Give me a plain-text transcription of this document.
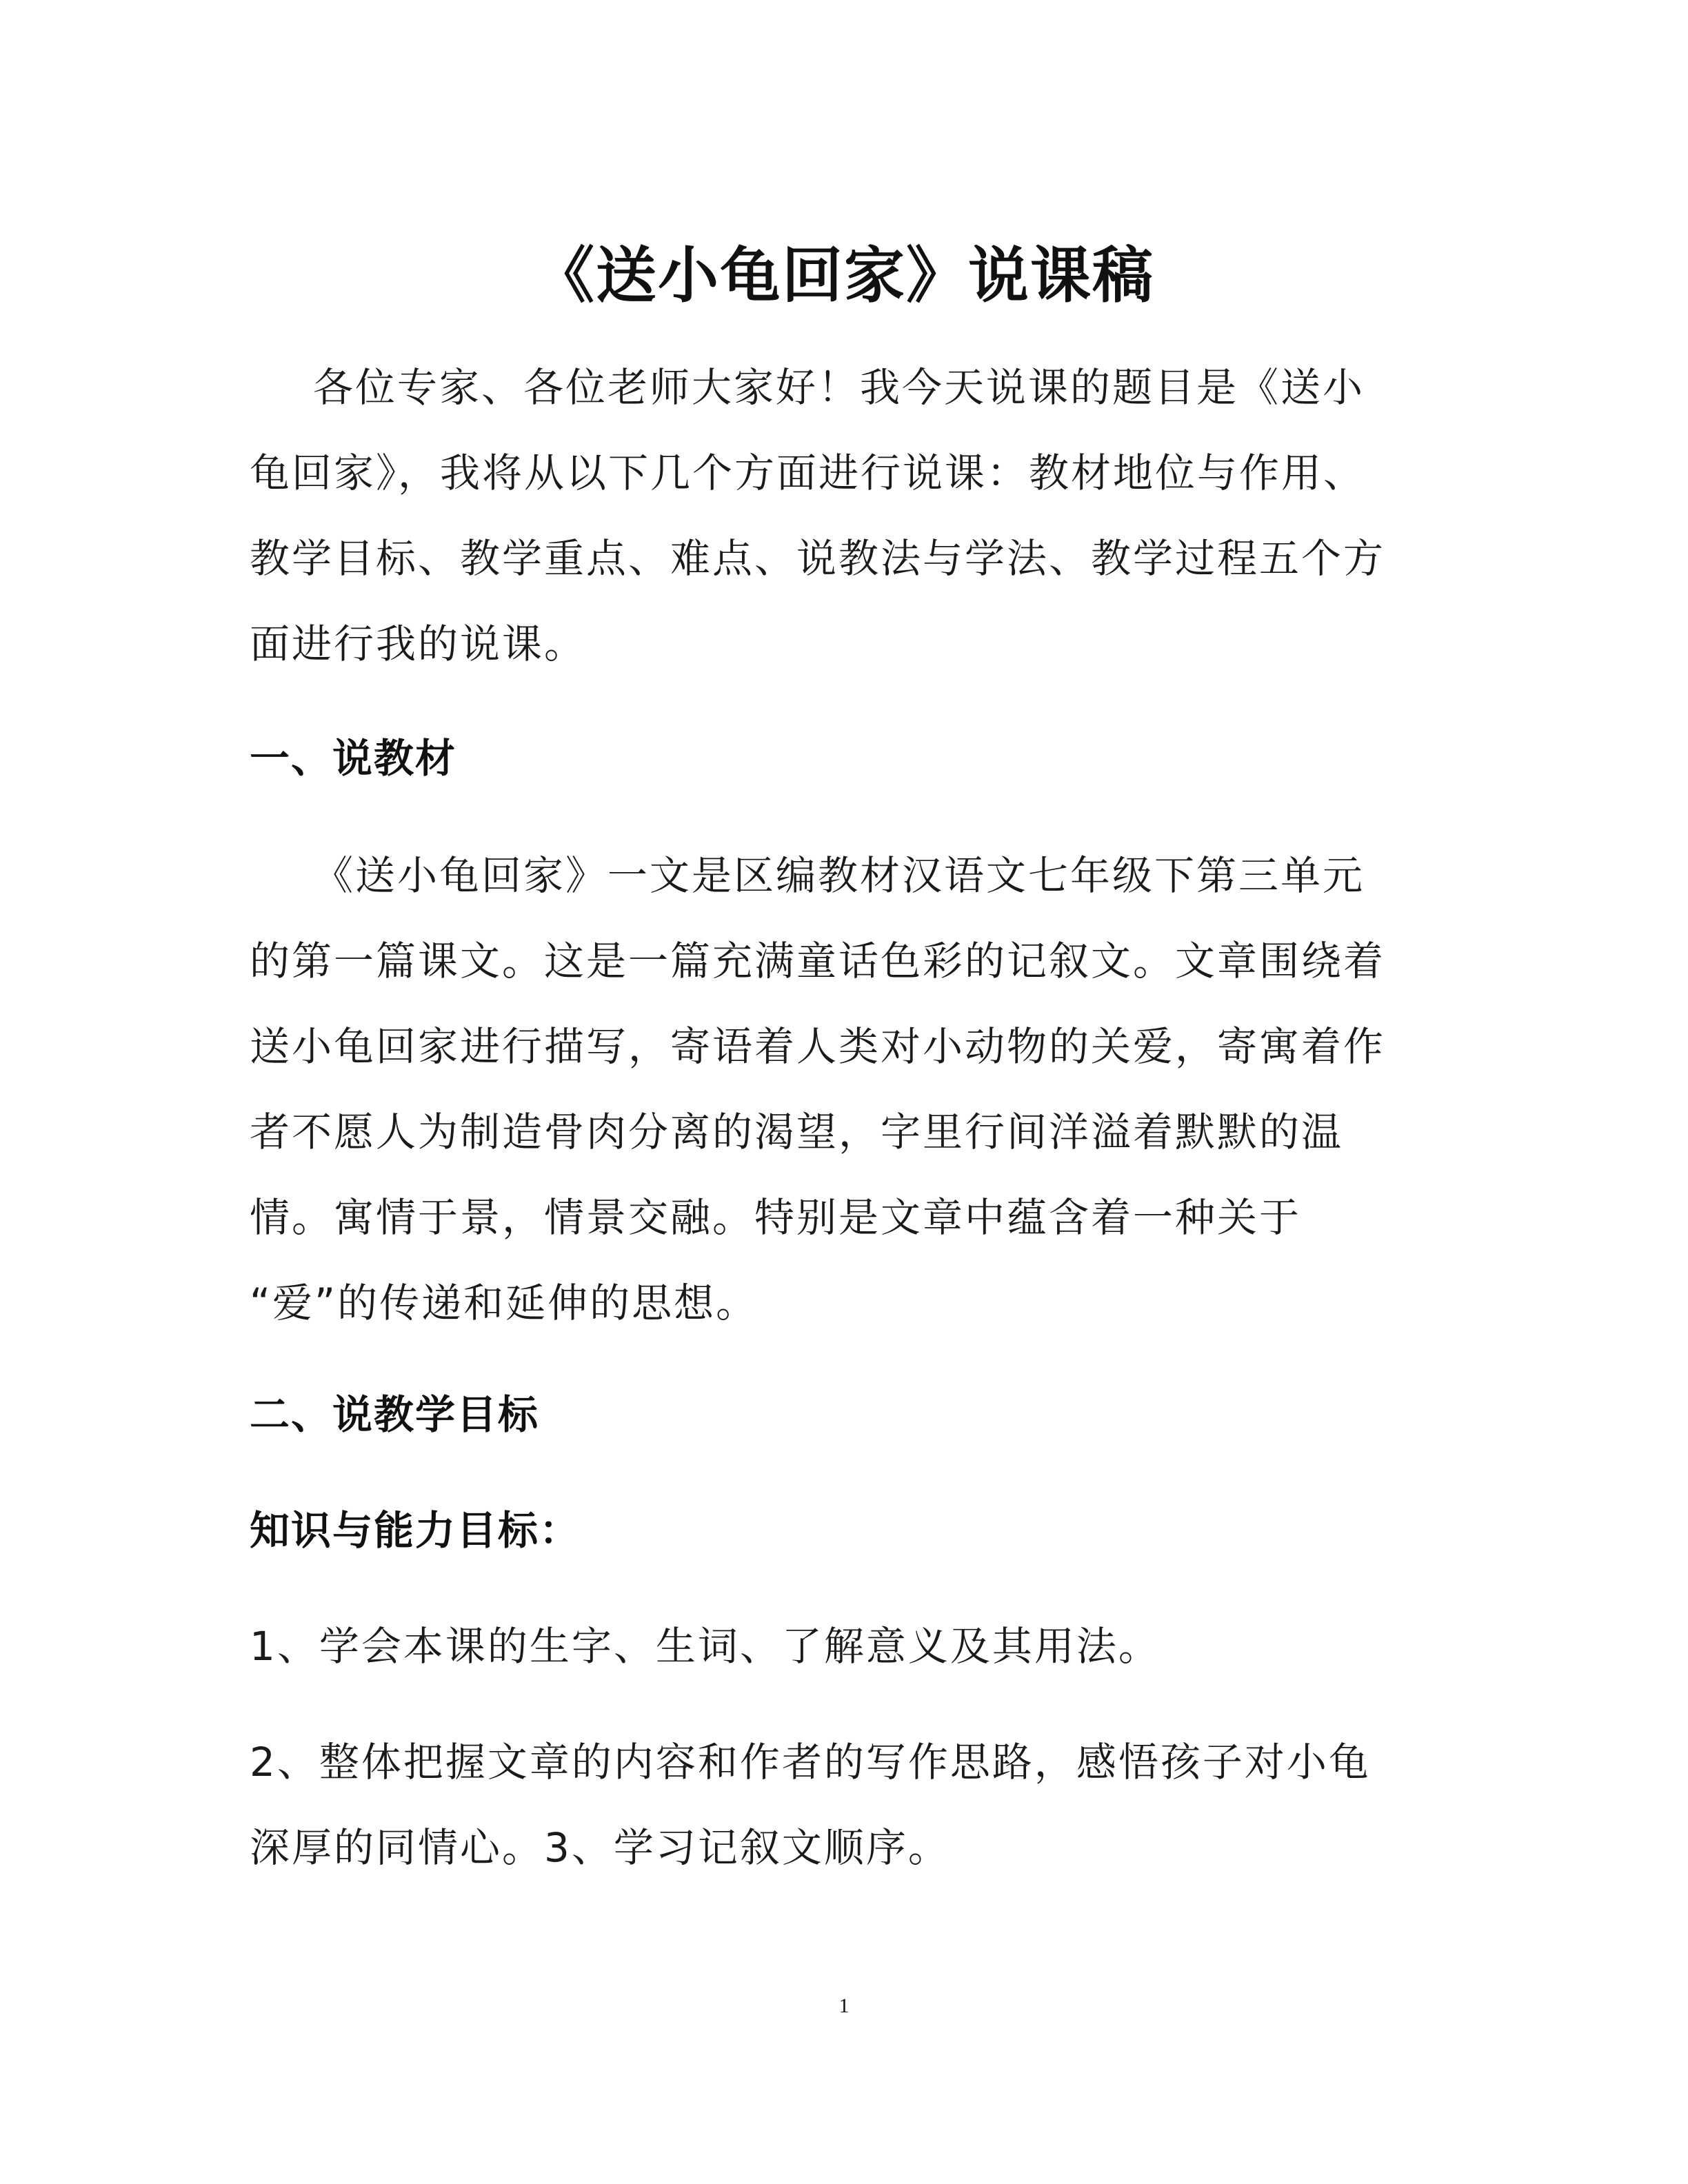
《送小龟回家》说课稿
各位专家、各位老师大家好！我今天说课的题目是《送小
龟回家》，我将从以下几个方面进行说课：教材地位与作用、
教学目标、教学重点、难点、说教法与学法、教学过程五个方
面进行我的说课。
一、说教材
《送小龟回家》一文是区编教材汉语文七年级下第三单元
的第一篇课文。这是一篇充满童话色彩的记叙文。文章围绕着
送小龟回家进行描写，寄语着人类对小动物的关爱，寄寓着作
者不愿人为制造骨肉分离的渴望，字里行间洋溢着默默的温
情。寓情于景，情景交融。特别是文章中蕴含着一种关于
“爱”的传递和延伸的思想。
二、说教学目标
知识与能力目标：
1、学会本课的生字、生词、了解意义及其用法。
2、整体把握文章的内容和作者的写作思路，感悟孩子对小龟
深厚的同情心。3、学习记叙文顺序。
1
